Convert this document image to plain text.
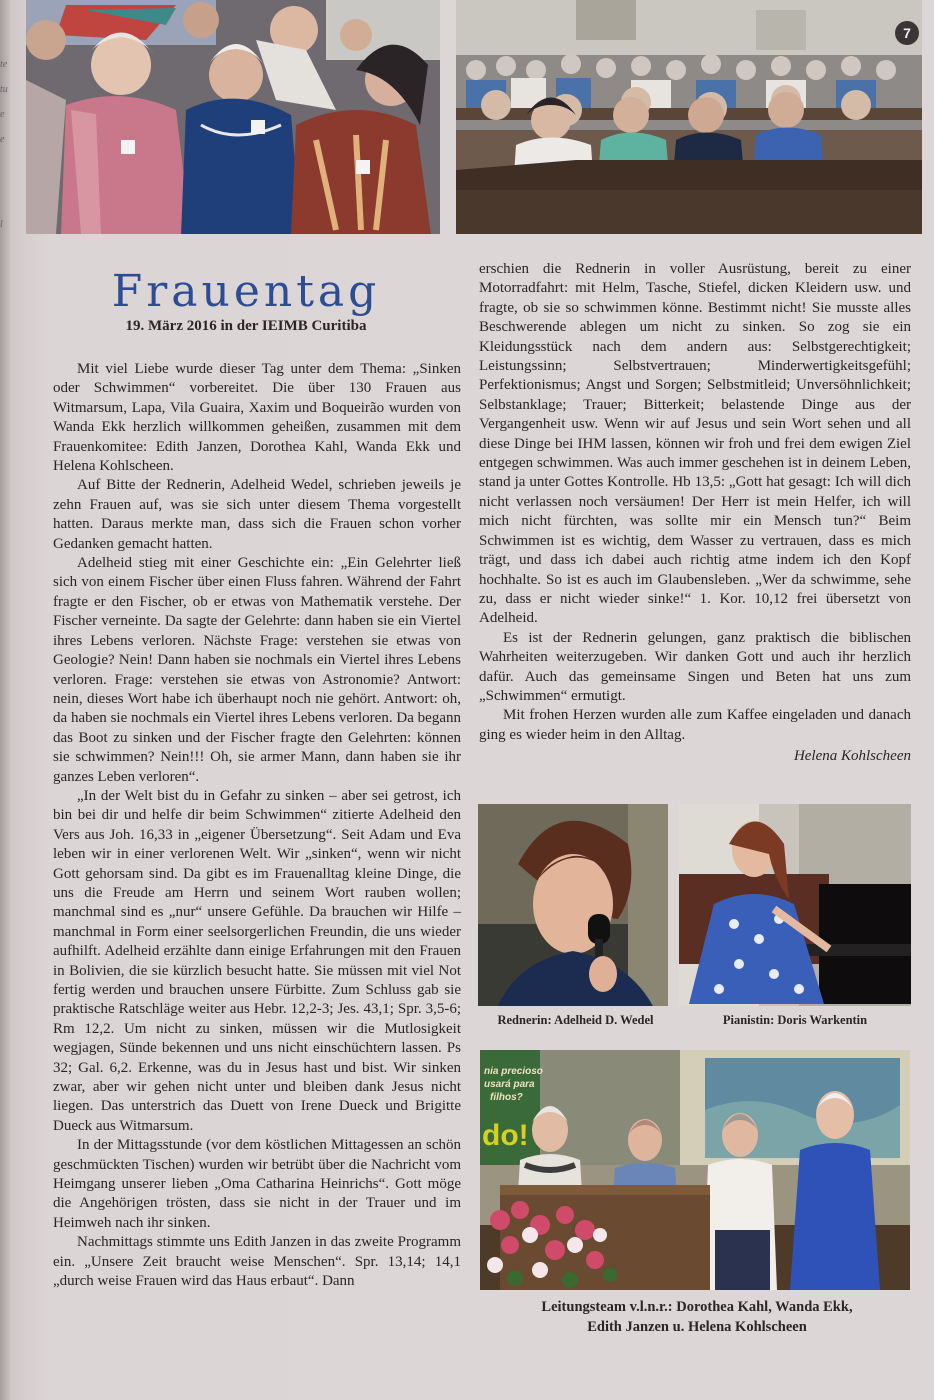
te
tu
e
e
l
7
Frauentag
19. März 2016 in der IEIMB Curitiba

Mit viel Liebe wurde dieser Tag unter dem Thema: „Sinken oder Schwimmen“ vorbereitet. Die über 130 Frauen aus Witmarsum, Lapa, Vila Guaira, Xaxim und Boqueirão wurden von Wanda Ekk herzlich willkommen geheißen, zusammen mit dem Frauenkomitee: Edith Janzen, Dorothea Kahl, Wanda Ekk und Helena Kohlscheen.

Auf Bitte der Rednerin, Adelheid Wedel, schrieben jeweils je zehn Frauen auf, was sie sich unter diesem Thema vorgestellt hatten. Daraus merkte man, dass sich die Frauen schon vorher Gedanken gemacht hatten.

Adelheid stieg mit einer Geschichte ein: „Ein Gelehrter ließ sich von einem Fischer über einen Fluss fahren. Während der Fahrt fragte er den Fischer, ob er etwas von Mathematik verstehe. Der Fischer verneinte. Da sagte der Gelehrte: dann haben sie ein Viertel ihres Lebens verloren. Nächste Frage: verstehen sie etwas von Geologie? Nein! Dann haben sie nochmals ein Viertel ihres Lebens verloren. Frage: verstehen sie etwas von Astronomie? Antwort: nein, dieses Wort habe ich überhaupt noch nie gehört. Antwort: oh, da haben sie nochmals ein Viertel ihres Lebens verloren. Da begann das Boot zu sinken und der Fischer fragte den Gelehrten: können sie schwimmen? Nein!!! Oh, sie armer Mann, dann haben sie ihr ganzes Leben verloren“.

„In der Welt bist du in Gefahr zu sinken – aber sei getrost, ich bin bei dir und helfe dir beim Schwimmen“ zitierte Adelheid den Vers aus Joh. 16,33 in „eigener Übersetzung“. Seit Adam und Eva leben wir in einer verlorenen Welt. Wir „sinken“, wenn wir nicht Gott gehorsam sind. Da gibt es im Frauenalltag kleine Dinge, die uns die Freude am Herrn und seinem Wort rauben wollen; manchmal sind es „nur“ unsere Gefühle. Da brauchen wir Hilfe – manchmal in Form einer seelsorgerlichen Freundin, die uns wieder aufhilft. Adelheid erzählte dann einige Erfahrungen mit den Frauen in Bolivien, die sie kürzlich besucht hatte. Sie müssen mit viel Not fertig werden und brauchen unsere Fürbitte. Zum Schluss gab sie praktische Ratschläge weiter aus Hebr. 12,2-3; Jes. 43,1; Spr. 3,5-6; Rm 12,2. Um nicht zu sinken, müssen wir die Mutlosigkeit wegjagen, Sünde bekennen und uns nicht einschüchtern lassen. Ps 32; Gal. 6,2. Erkenne, was du in Jesus hast und bist. Wir sinken zwar, aber wir gehen nicht unter und bleiben dank Jesus nicht liegen. Das unterstrich das Duett von Irene Dueck und Brigitte Dueck aus Witmarsum.

In der Mittagsstunde (vor dem köstlichen Mittagessen an schön geschmückten Tischen) wurden wir betrübt über die Nachricht vom Heimgang unserer lieben „Oma Catharina Heinrichs“. Gott möge die Angehörigen trösten, dass sie nicht in der Trauer und im Heimweh nach ihr sinken.

Nachmittags stimmte uns Edith Janzen in das zweite Programm ein. „Unsere Zeit braucht weise Menschen“. Spr. 13,14; 14,1 „durch weise Frauen wird das Haus erbaut“. Dann

erschien die Rednerin in voller Ausrüstung, bereit zu einer Motorradfahrt: mit Helm, Tasche, Stiefel, dicken Kleidern usw. und fragte, ob sie so schwimmen könne. Bestimmt nicht! Sie musste alles Beschwerende ablegen um nicht zu sinken. So zog sie ein Kleidungsstück nach dem andern aus: Selbstgerechtigkeit; Leistungssinn; Selbstvertrauen; Minderwertigkeitsgefühl; Perfektionismus; Angst und Sorgen; Selbstmitleid; Unversöhnlichkeit; Selbstanklage; Trauer; Bitterkeit; belastende Dinge aus der Vergangenheit usw. Wenn wir auf Jesus und sein Wort sehen und all diese Dinge bei IHM lassen, können wir froh und frei dem ewigen Ziel entgegen schwimmen. Was auch immer geschehen ist in deinem Leben, stand ja unter Gottes Kontrolle. Hb 13,5: „Gott hat gesagt: Ich will dich nicht verlassen noch versäumen! Der Herr ist mein Helfer, ich will mich nicht fürchten, was sollte mir ein Mensch tun?“ Beim Schwimmen ist es wichtig, dem Wasser zu vertrauen, dass es mich trägt, und dass ich dabei auch richtig atme indem ich den Kopf hochhalte. So ist es auch im Glaubensleben. „Wer da schwimme, sehe zu, dass er nicht wieder sinke!“ 1. Kor. 10,12 frei übersetzt von Adelheid.

Es ist der Rednerin gelungen, ganz praktisch die biblischen Wahrheiten weiterzugeben. Wir danken Gott und auch ihr herzlich dafür. Auch das gemeinsame Singen und Beten hat uns zum „Schwimmen“ ermutigt.

Mit frohen Herzen wurden alle zum Kaffee eingeladen und danach ging es wieder heim in den Alltag.

Helena Kohlscheen
Rednerin: Adelheid D. Wedel	Pianistin: Doris Warkentin
nia precioso
usará para
filhos?
do!
Leitungsteam v.l.n.r.: Dorothea Kahl, Wanda Ekk,
Edith Janzen u. Helena Kohlscheen
